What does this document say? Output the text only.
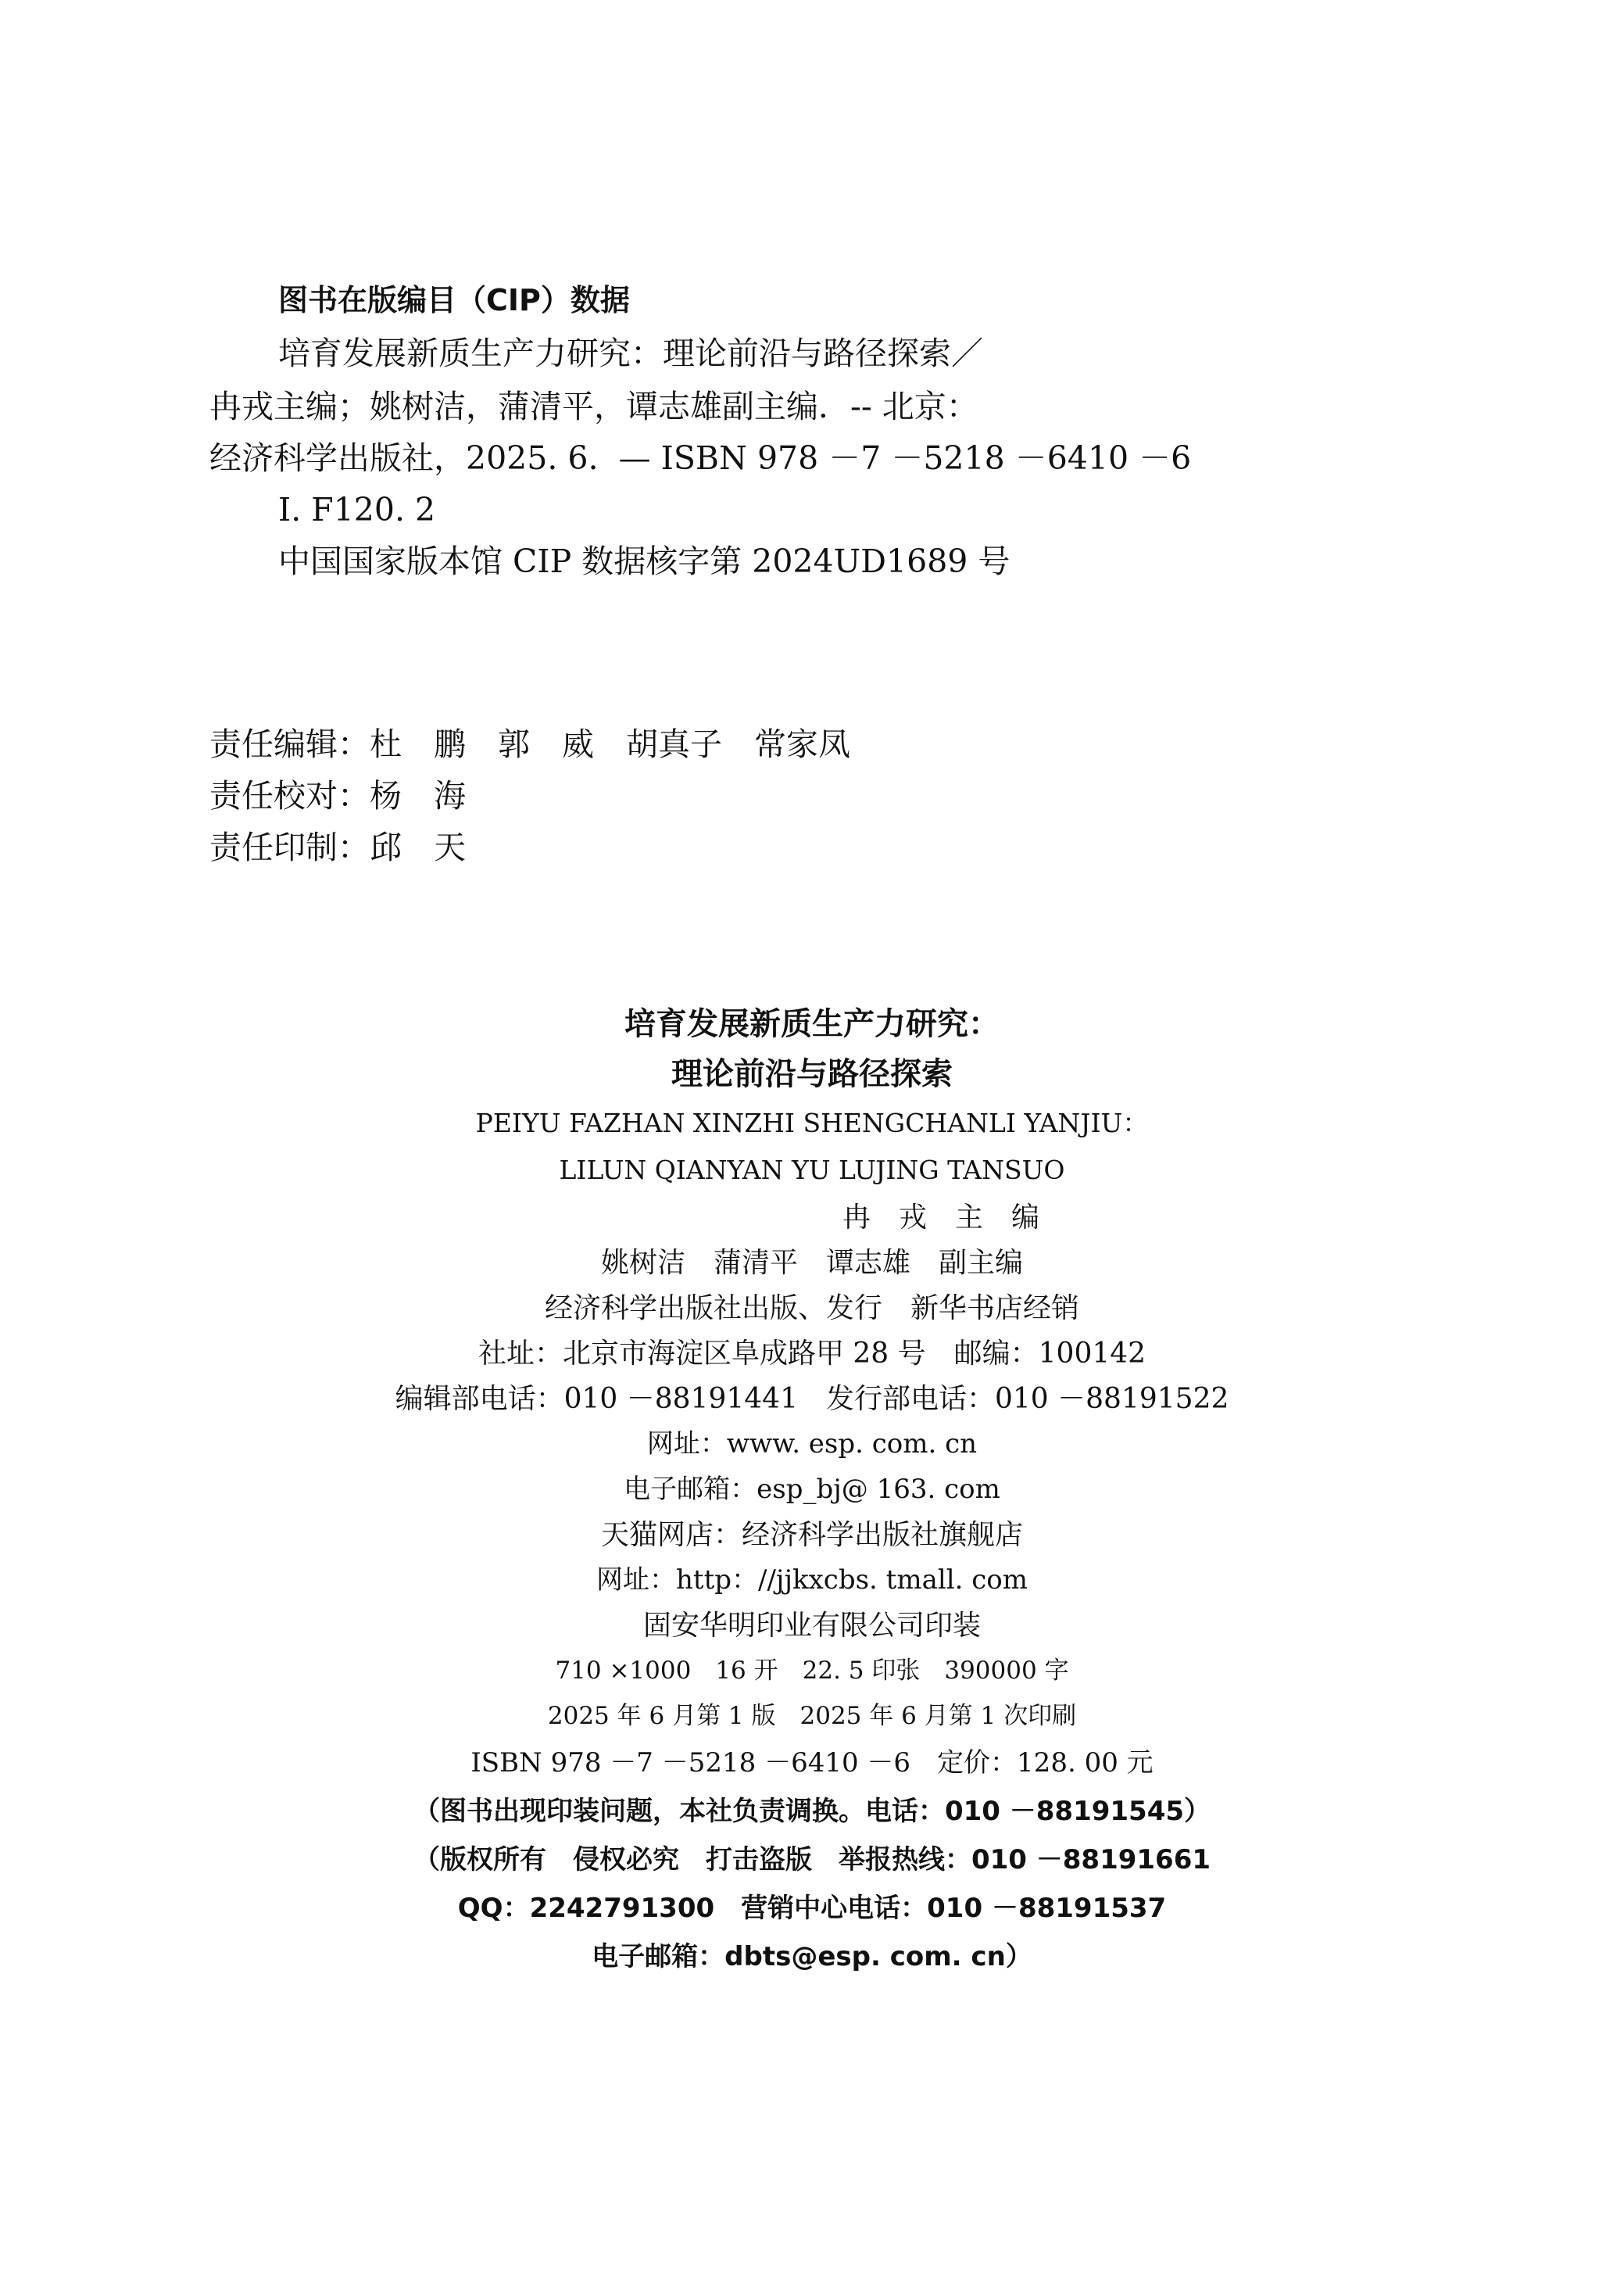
图书在版编目（CIP）数据
培育发展新质生产力研究：理论前沿与路径探索／
冉戎主编；姚树洁，蒲清平，谭志雄副主编．-- 北京：
经济科学出版社，2025. 6.  — ISBN 978 －7 －5218 －6410 －6
Ⅰ. F120. 2
中国国家版本馆 CIP 数据核字第 2024UD1689 号
责任编辑：杜　鹏　郭　威　胡真子　常家凤
责任校对：杨　海
责任印制：邱　天
培育发展新质生产力研究：
理论前沿与路径探索
PEIYU FAZHAN XINZHI SHENGCHANLI YANJIU：
LILUN QIANYAN YU LUJING TANSUO
冉　戎　主　编
姚树洁　蒲清平　谭志雄　副主编
经济科学出版社出版、发行　新华书店经销
社址：北京市海淀区阜成路甲 28 号　邮编：100142
编辑部电话：010 －88191441　发行部电话：010 －88191522
网址：www. esp. com. cn
电子邮箱：esp_bj@ 163. com
天猫网店：经济科学出版社旗舰店
网址：http：//jjkxcbs. tmall. com
固安华明印业有限公司印装
710 ×1000　16 开　22. 5 印张　390000 字
2025 年 6 月第 1 版　2025 年 6 月第 1 次印刷
ISBN 978 －7 －5218 －6410 －6　定价：128. 00 元
（图书出现印装问题，本社负责调换。电话：010 －88191545）
（版权所有　侵权必究　打击盗版　举报热线：010 －88191661
QQ：2242791300　营销中心电话：010 －88191537
电子邮箱：dbts@esp. com. cn）
